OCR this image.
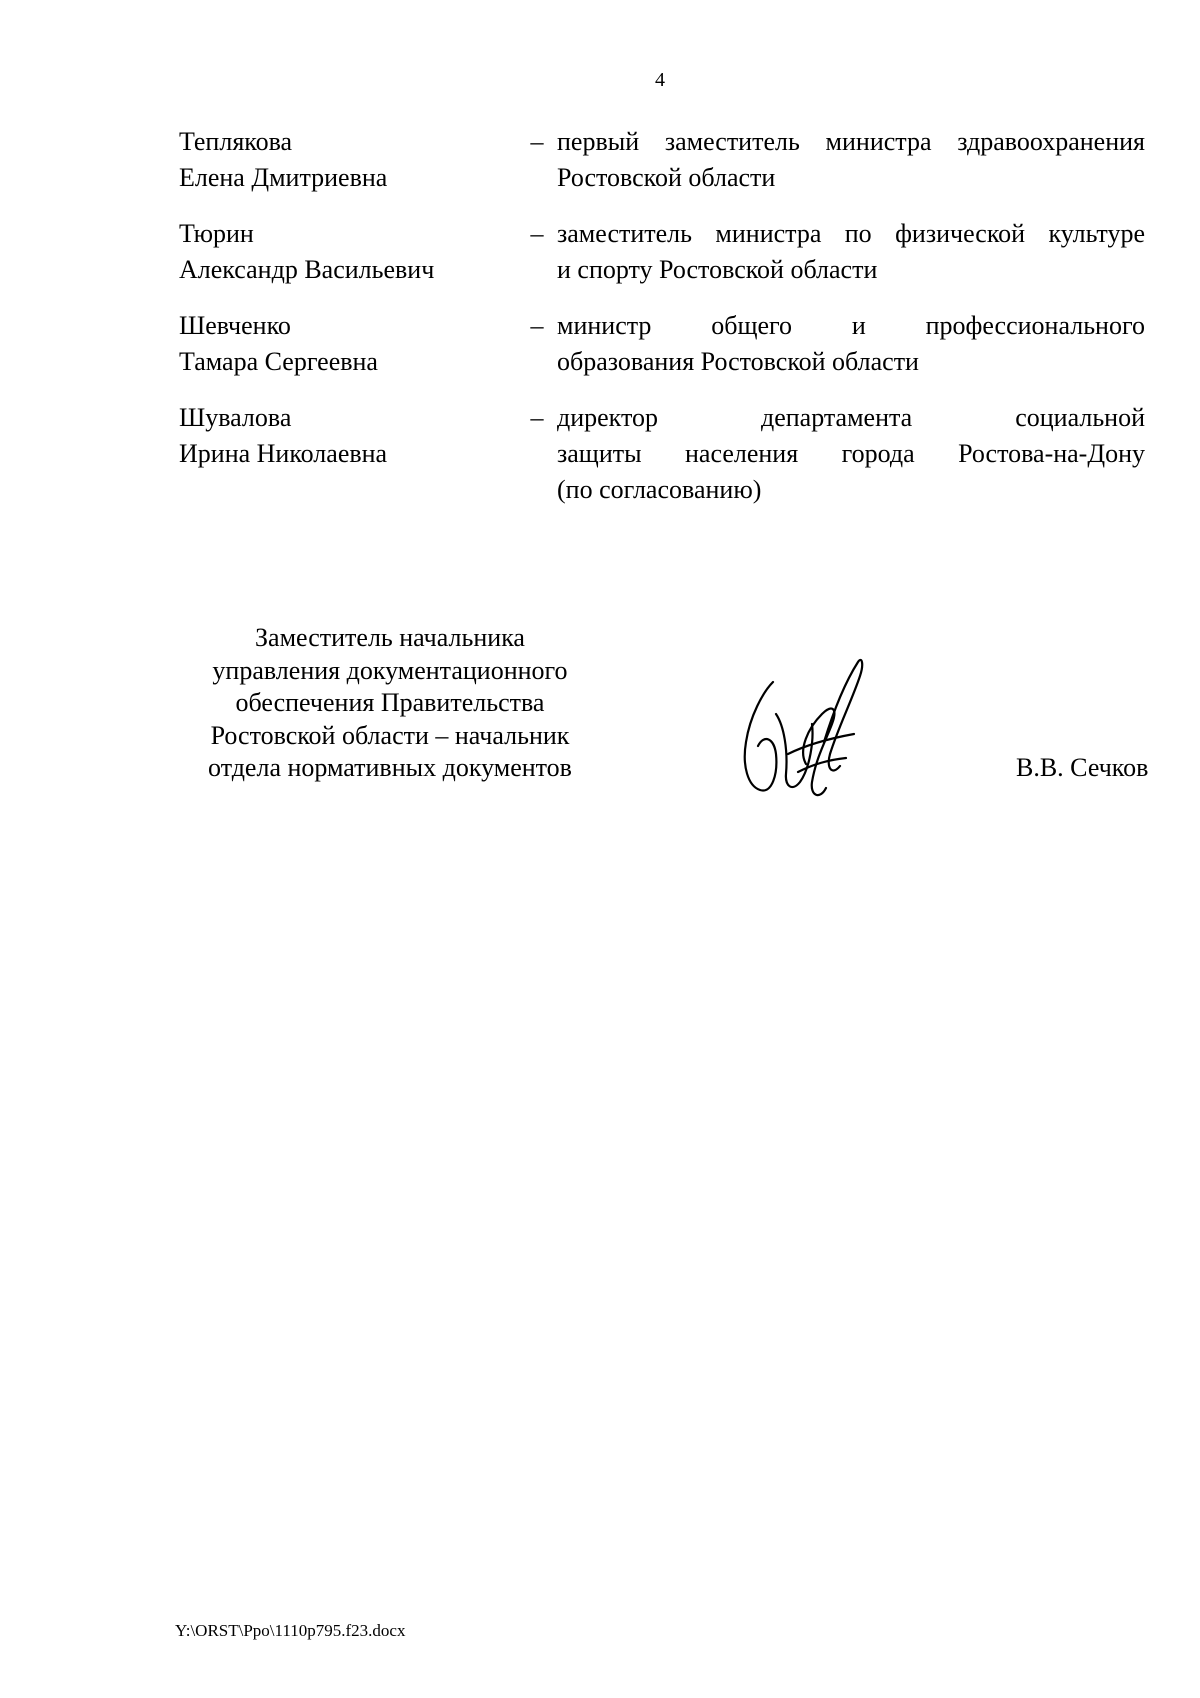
4
Теплякова
Елена Дмитриевна
– первый заместитель министра здравоохранения
Ростовской области
Тюрин
Александр Васильевич
– заместитель министра по физической культуре
и спорту Ростовской области
Шевченко
Тамара Сергеевна
– министр общего и профессионального
образования Ростовской области
Шувалова
Ирина Николаевна
– директор департамента социальной
защиты населения города Ростова-на-Дону
(по согласованию)
Заместитель начальника
управления документационного
обеспечения Правительства
Ростовской области – начальник
отдела нормативных документов	В.В. Сечков
Y:\ORST\Ppo\1110p795.f23.docx
